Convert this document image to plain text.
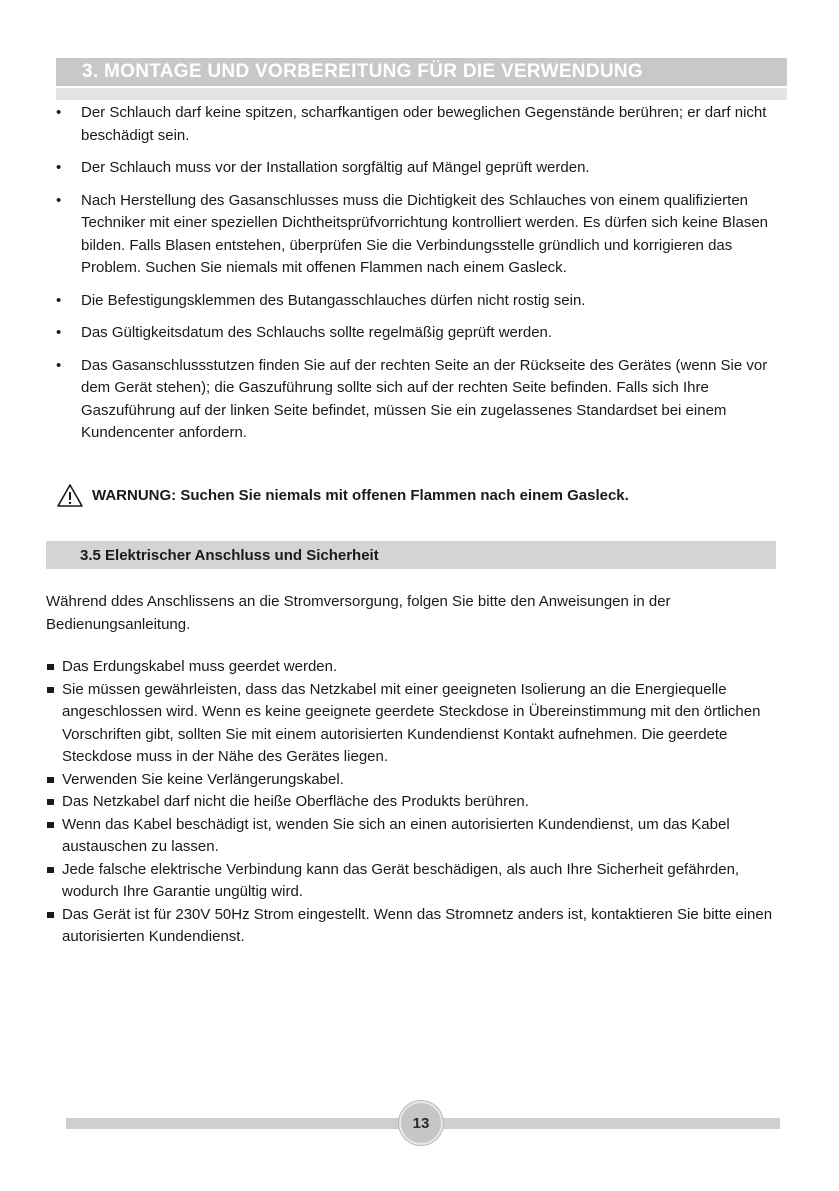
3. MONTAGE UND VORBEREITUNG FÜR DIE VERWENDUNG
• Der Schlauch darf keine spitzen, scharfkantigen oder beweglichen Gegenstände berühren; er darf nicht beschädigt sein.
• Der Schlauch muss vor der Installation sorgfältig auf Mängel geprüft werden.
• Nach Herstellung des Gasanschlusses muss die Dichtigkeit des Schlauches von einem qualifizierten Techniker mit einer speziellen Dichtheitsprüfvorrichtung kontrolliert werden. Es dürfen sich keine Blasen bilden. Falls Blasen entstehen, überprüfen Sie die Verbindungsstelle gründlich und korrigieren das Problem. Suchen Sie niemals mit offenen Flammen nach einem Gasleck.
• Die Befestigungsklemmen des Butangasschlauches dürfen nicht rostig sein.
• Das Gültigkeitsdatum des Schlauchs sollte regelmäßig geprüft werden.
• Das Gasanschlussstutzen finden Sie auf der rechten Seite an der Rückseite des Gerätes (wenn Sie vor dem Gerät stehen); die Gaszuführung sollte sich auf der rechten Seite befinden. Falls sich Ihre Gaszuführung auf der linken Seite befindet, müssen Sie ein zugelassenes Standardset bei einem Kundencenter anfordern.
WARNUNG: Suchen Sie niemals mit offenen Flammen nach einem Gasleck.
3.5 Elektrischer Anschluss und Sicherheit

Während ddes Anschlissens an die Stromversorgung, folgen Sie bitte den Anweisungen in der Bedienungsanleitung.

Das Erdungskabel muss geerdet werden.
Sie müssen gewährleisten, dass das Netzkabel mit einer geeigneten Isolierung an die Energiequelle angeschlossen wird. Wenn es keine geeignete geerdete Steckdose in Übereinstimmung mit den örtlichen Vorschriften gibt, sollten Sie mit einem autorisierten Kundendienst Kontakt aufnehmen. Die geerdete Steckdose muss in der Nähe des Gerätes liegen.
Verwenden Sie keine Verlängerungskabel.
Das Netzkabel darf nicht die heiße Oberfläche des Produkts berühren.
Wenn das Kabel beschädigt ist, wenden Sie sich an einen autorisierten Kundendienst, um das Kabel austauschen zu lassen.
Jede falsche elektrische Verbindung kann das Gerät beschädigen, als auch Ihre Sicherheit gefährden, wodurch Ihre Garantie ungültig wird.
Das Gerät ist für 230V 50Hz Strom eingestellt. Wenn das Stromnetz anders ist, kontaktieren Sie bitte einen autorisierten Kundendienst.
13
